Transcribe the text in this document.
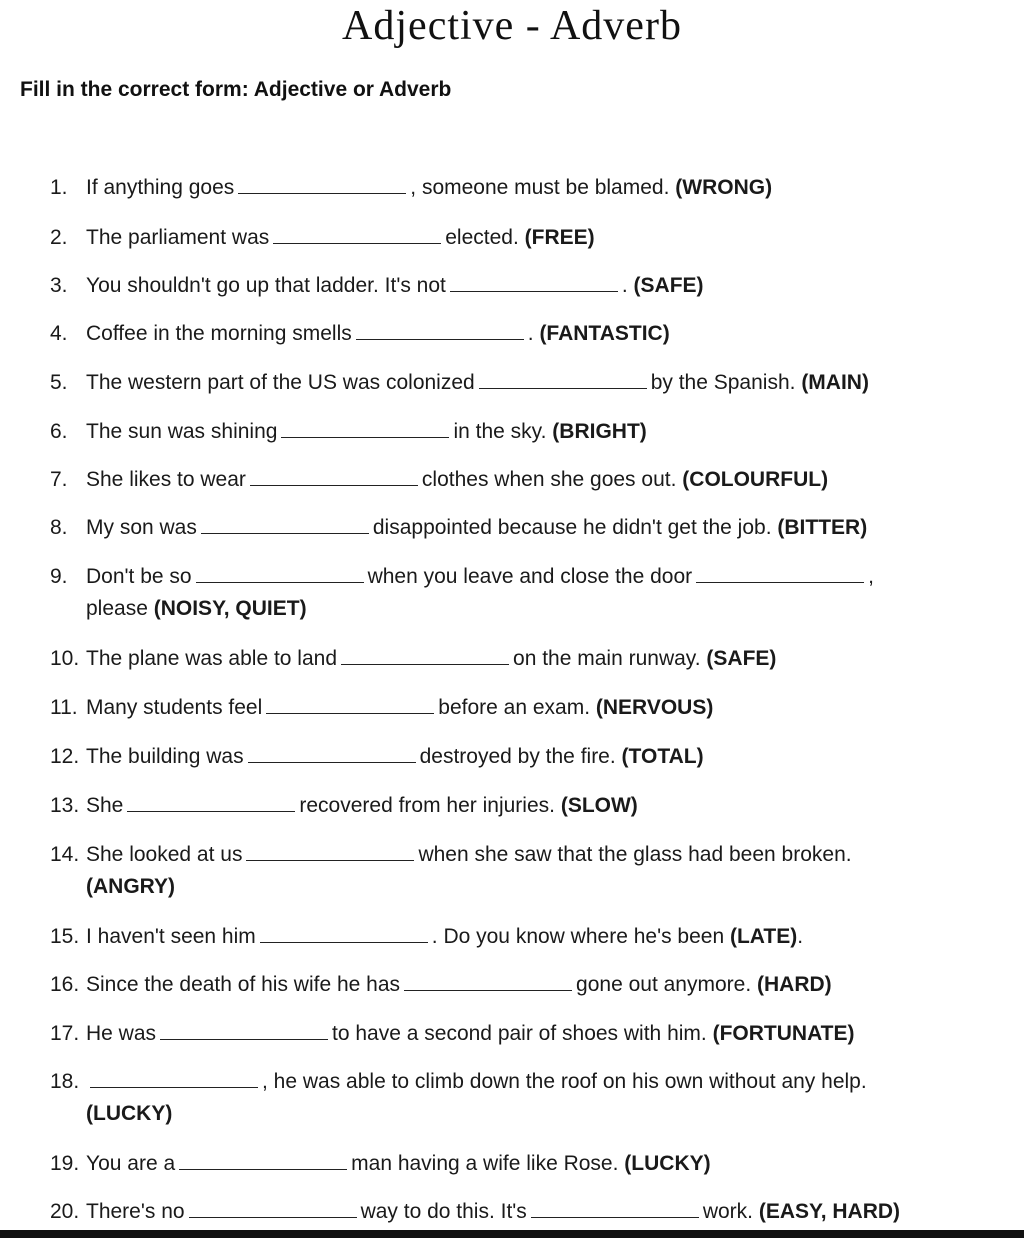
Adjective - Adverb
Fill in the correct form: Adjective or Adverb
1. If anything goes	, someone must be blamed. (WRONG)
2. The parliament was	elected. (FREE)
3. You shouldn't go up that ladder. It's not	. (SAFE)
4. Coffee in the morning smells	. (FANTASTIC)
5. The western part of the US was colonized	by the Spanish. (MAIN)
6. The sun was shining	in the sky. (BRIGHT)
7. She likes to wear	clothes when she goes out. (COLOURFUL)
8. My son was	disappointed because he didn't get the job. (BITTER)
9. Don't be so	when you leave and close the door	,
please (NOISY, QUIET)
10. The plane was able to land	on the main runway. (SAFE)
11. Many students feel	before an exam. (NERVOUS)
12. The building was	destroyed by the fire. (TOTAL)
13. She	recovered from her injuries. (SLOW)
14. She looked at us	when she saw that the glass had been broken.
(ANGRY)
15. I haven't seen him	. Do you know where he's been (LATE).
16. Since the death of his wife he has	gone out anymore. (HARD)
17. He was	to have a second pair of shoes with him. (FORTUNATE)
18.	, he was able to climb down the roof on his own without any help.
(LUCKY)
19. You are a	man having a wife like Rose. (LUCKY)
20. There's no	way to do this. It's	work. (EASY, HARD)
